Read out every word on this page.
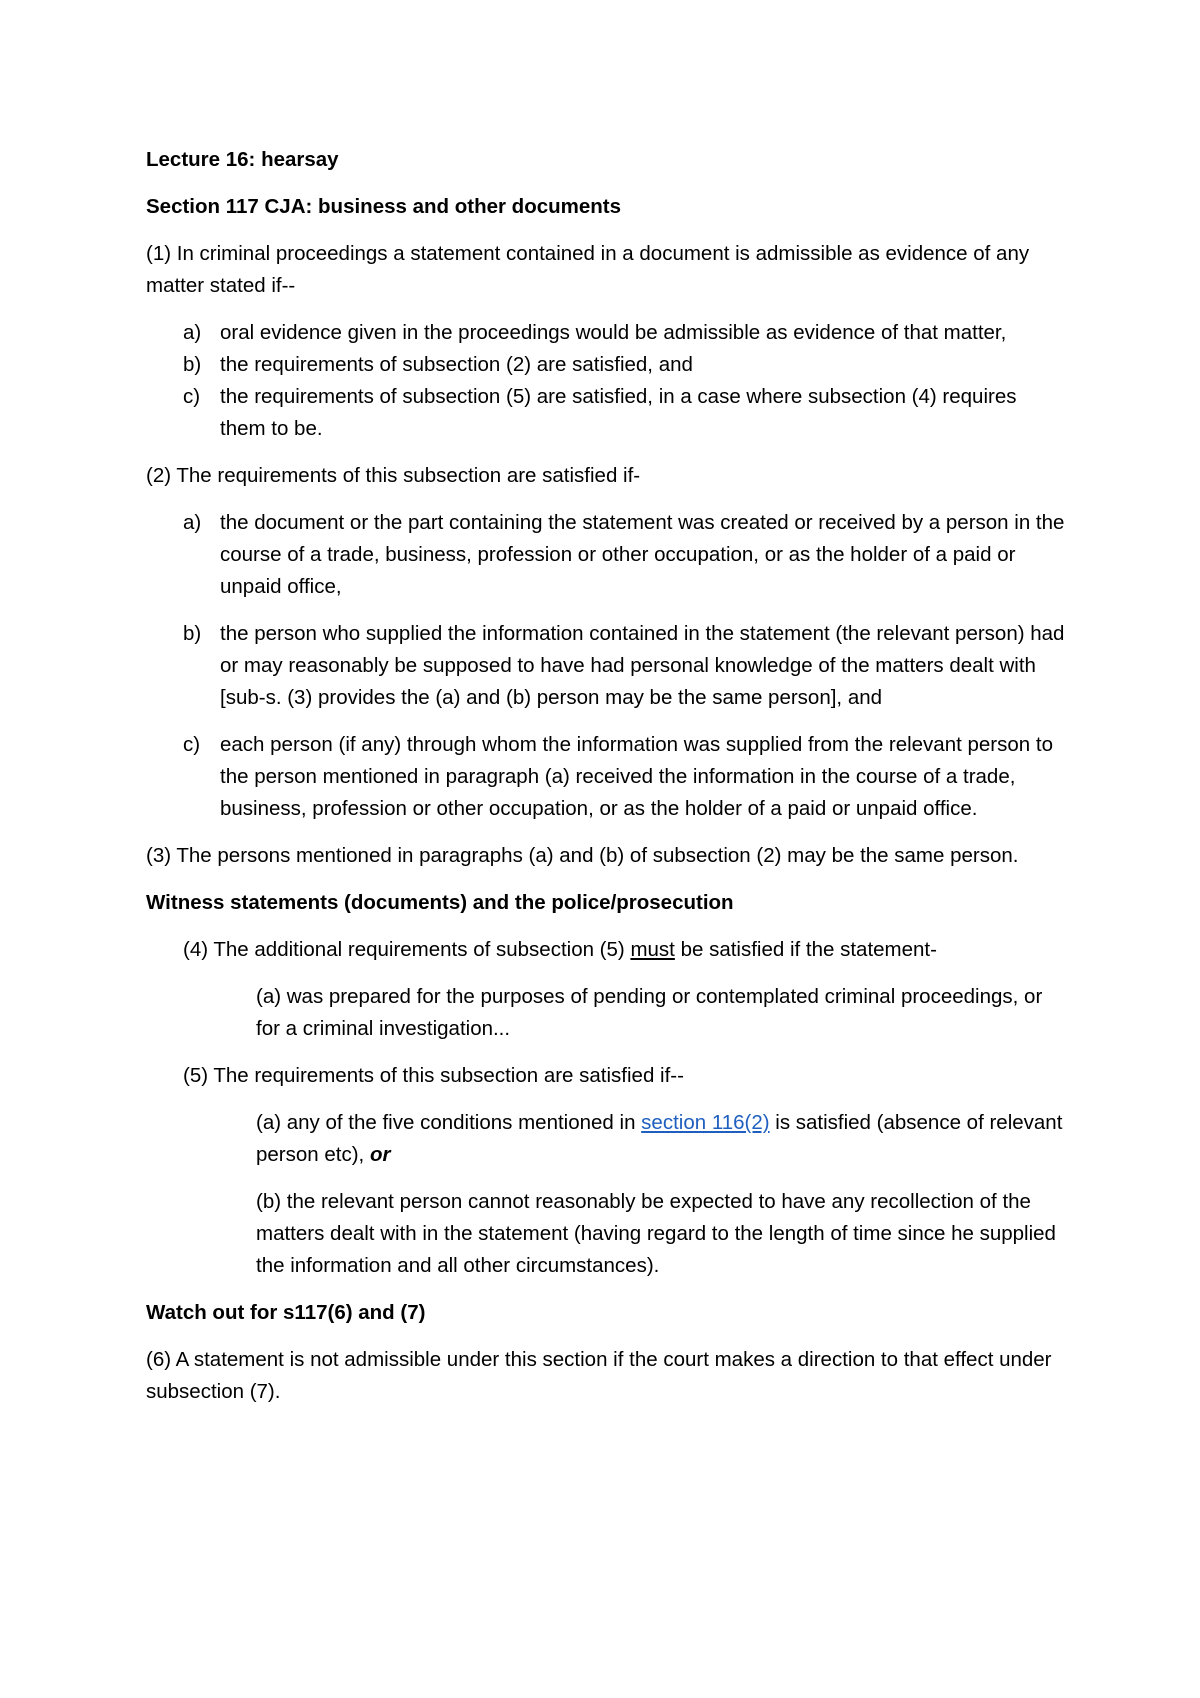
Lecture 16: hearsay

Section 117 CJA: business and other documents

(1) In criminal proceedings a statement contained in a document is admissible as evidence of any matter stated if--

a) oral evidence given in the proceedings would be admissible as evidence of that matter,
b) the requirements of subsection (2) are satisfied, and
c) the requirements of subsection (5) are satisfied, in a case where subsection (4) requires them to be.

(2) The requirements of this subsection are satisfied if-

a) the document or the part containing the statement was created or received by a person in the course of a trade, business, profession or other occupation, or as the holder of a paid or unpaid office,
b) the person who supplied the information contained in the statement (the relevant person) had or may reasonably be supposed to have had personal knowledge of the matters dealt with [sub-s. (3) provides the (a) and (b) person may be the same person], and
c) each person (if any) through whom the information was supplied from the relevant person to the person mentioned in paragraph (a) received the information in the course of a trade, business, profession or other occupation, or as the holder of a paid or unpaid office.

(3) The persons mentioned in paragraphs (a) and (b) of subsection (2) may be the same person.

Witness statements (documents) and the police/prosecution

(4) The additional requirements of subsection (5) must be satisfied if the statement-

(a) was prepared for the purposes of pending or contemplated criminal proceedings, or for a criminal investigation...

(5) The requirements of this subsection are satisfied if--

(a) any of the five conditions mentioned in section 116(2) is satisfied (absence of relevant person etc), or

(b) the relevant person cannot reasonably be expected to have any recollection of the matters dealt with in the statement (having regard to the length of time since he supplied the information and all other circumstances).

Watch out for s117(6) and (7)

(6) A statement is not admissible under this section if the court makes a direction to that effect under subsection (7).
